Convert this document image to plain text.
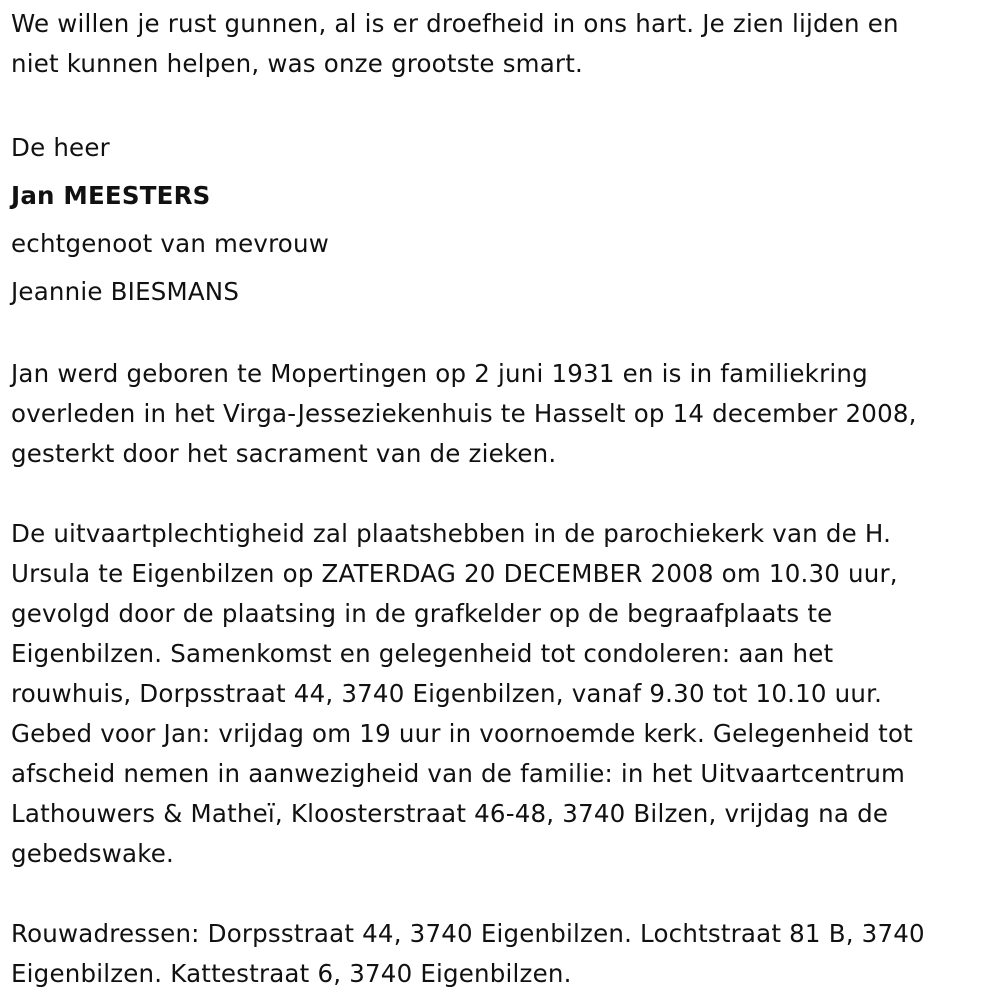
We willen je rust gunnen, al is er droefheid in ons hart. Je zien lijden en
niet kunnen helpen, was onze grootste smart.
De heer
Jan MEESTERS
echtgenoot van mevrouw
Jeannie BIESMANS
Jan werd geboren te Mopertingen op 2 juni 1931 en is in familiekring
overleden in het Virga-Jesseziekenhuis te Hasselt op 14 december 2008,
gesterkt door het sacrament van de zieken.
De uitvaartplechtigheid zal plaatshebben in de parochiekerk van de H.
Ursula te Eigenbilzen op ZATERDAG 20 DECEMBER 2008 om 10.30 uur,
gevolgd door de plaatsing in de grafkelder op de begraafplaats te
Eigenbilzen. Samenkomst en gelegenheid tot condoleren: aan het
rouwhuis, Dorpsstraat 44, 3740 Eigenbilzen, vanaf 9.30 tot 10.10 uur.
Gebed voor Jan: vrijdag om 19 uur in voornoemde kerk. Gelegenheid tot
afscheid nemen in aanwezigheid van de familie: in het Uitvaartcentrum
Lathouwers & Matheï, Kloosterstraat 46-48, 3740 Bilzen, vrijdag na de
gebedswake.
Rouwadressen: Dorpsstraat 44, 3740 Eigenbilzen. Lochtstraat 81 B, 3740
Eigenbilzen. Kattestraat 6, 3740 Eigenbilzen.
